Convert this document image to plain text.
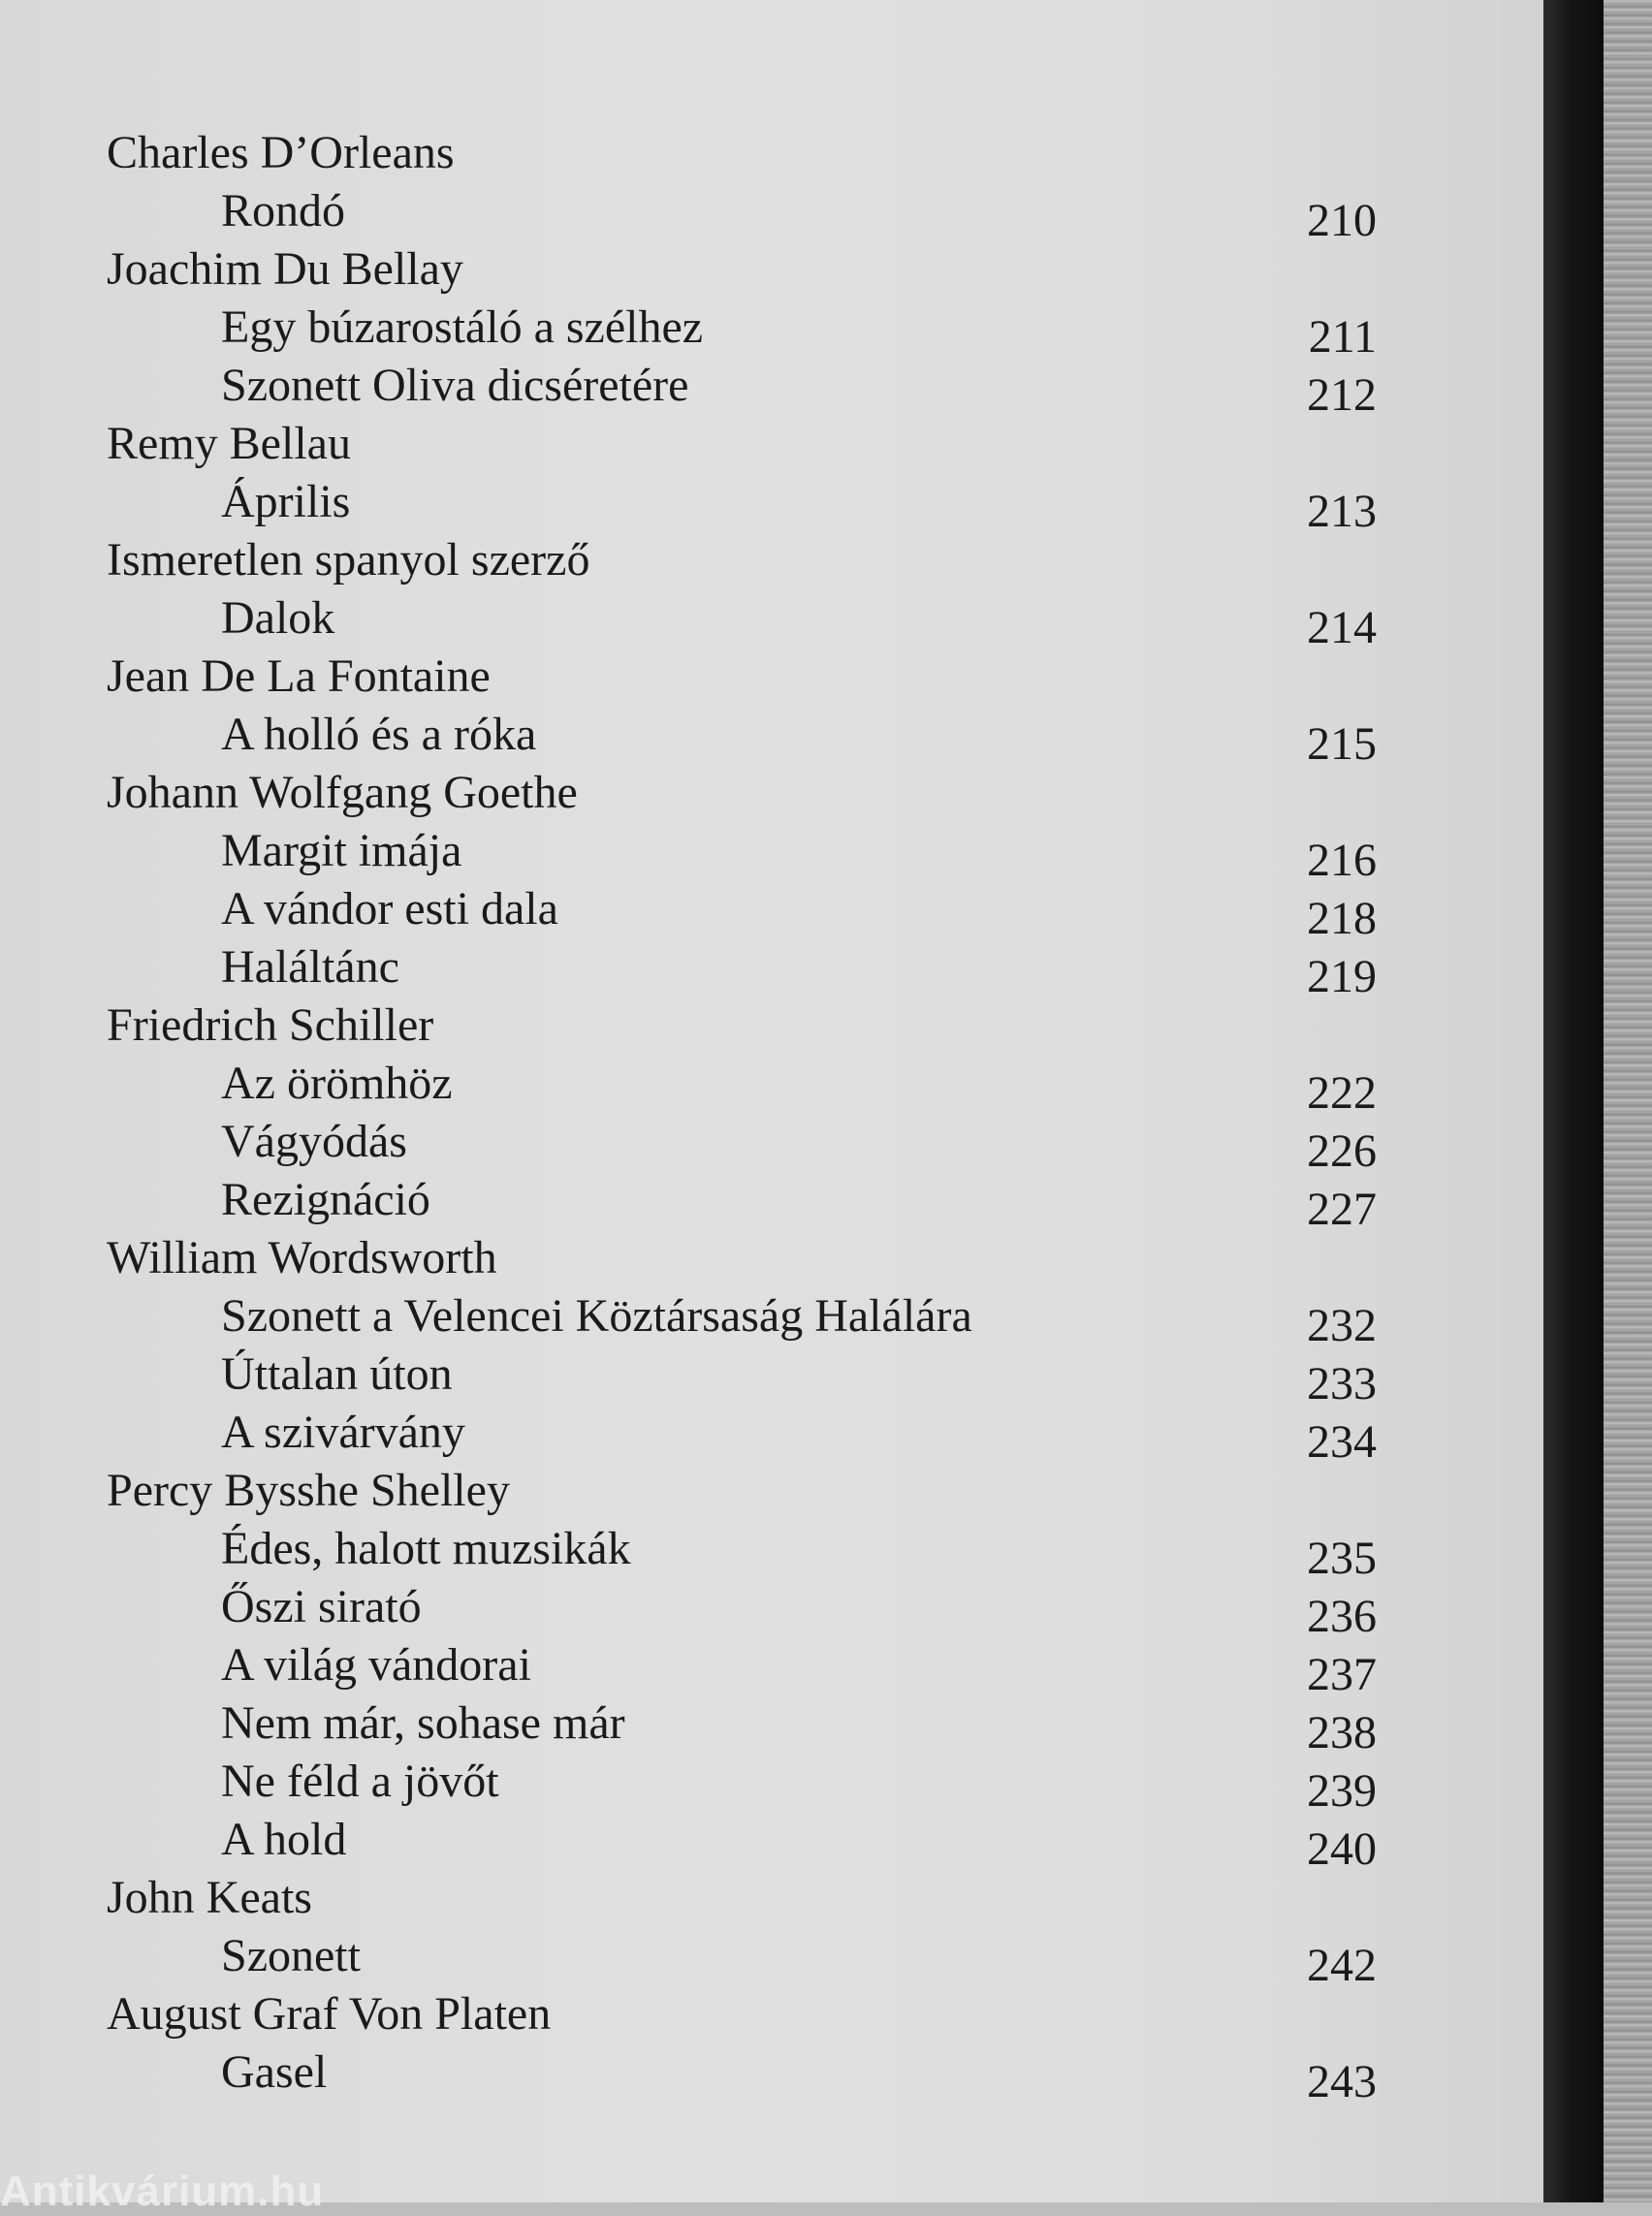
Charles D’Orleans
Rondó	210
Joachim Du Bellay
Egy búzarostáló a szélhez	211
Szonett Oliva dicséretére	212
Remy Bellau
Április	213
Ismeretlen spanyol szerző
Dalok	214
Jean De La Fontaine
A holló és a róka	215
Johann Wolfgang Goethe
Margit imája	216
A vándor esti dala	218
Haláltánc	219
Friedrich Schiller
Az örömhöz	222
Vágyódás	226
Rezignáció	227
William Wordsworth
Szonett a Velencei Köztársaság Halálára	232
Úttalan úton	233
A szivárvány	234
Percy Bysshe Shelley
Édes, halott muzsikák	235
Őszi sirató	236
A világ vándorai	237
Nem már, sohase már	238
Ne féld a jövőt	239
A hold	240
John Keats
Szonett	242
August Graf Von Platen
Gasel	243
Antikvárium.hu
